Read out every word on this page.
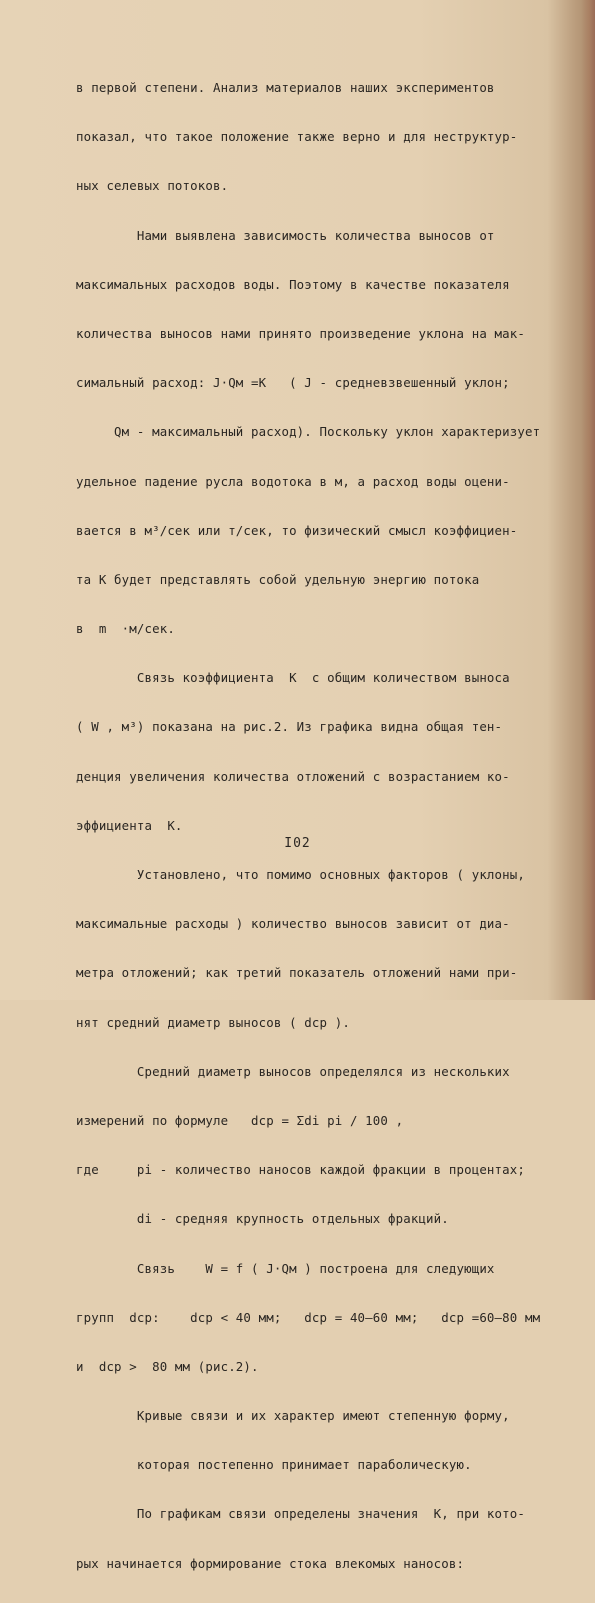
в первой степени. Анализ материалов наших экспериментов

показал, что такое положение также верно и для неструктур-

ных селевых потоков.

Нами выявлена зависимость количества выносов от

максимальных расходов воды. Поэтому в качестве показателя

количества выносов нами принято произведение уклона на мак-

симальный расход: J·Qм =K   ( J - средневзвешенный уклон;

Qм - максимальный расход). Поскольку уклон характеризует

удельное падение русла водотока в м, а расход воды оцени-

вается в м³/сек или т/сек, то физический смысл коэффициен-

та К будет представлять собой удельную энергию потока

в  m  ·м/сек.

Связь коэффициента  К  с общим количеством выноса

( W , м³) показана на рис.2. Из графика видна общая тен-

денция увеличения количества отложений с возрастанием ко-

эффициента  К.

Установлено, что помимо основных факторов ( уклоны,

максимальные расходы ) количество выносов зависит от диа-

метра отложений; как третий показатель отложений нами при-

нят средний диаметр выносов ( dср ).

Средний диаметр выносов определялся из нескольких

измерений по формуле   dср = Σdi pi / 100 ,

где     pi - количество наносов каждой фракции в процентах;

di - средняя крупность отдельных фракций.

Связь    W = f ( J·Qм ) построена для следующих

групп  dср:    dср < 40 мм;   dср = 40–60 мм;   dср =60–80 мм

и  dср >  80 мм (рис.2).

Кривые связи и их характер имеют степенную форму,

которая постепенно принимает параболическую.

По графикам связи определены значения  К, при кото-

рых начинается формирование стока влекомых наносов:

I02
